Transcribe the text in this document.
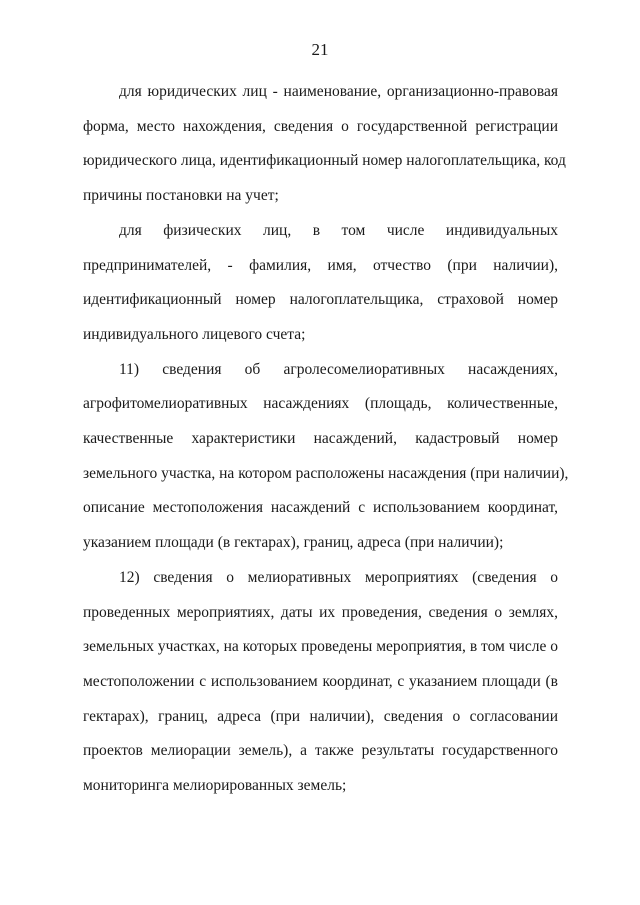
21
для юридических лиц - наименование, организационно-правовая
форма, место нахождения, сведения о государственной регистрации
юридического лица, идентификационный номер налогоплательщика, код
причины постановки на учет;
для физических лиц, в том числе индивидуальных
предпринимателей, - фамилия, имя, отчество (при наличии),
идентификационный номер налогоплательщика, страховой номер
индивидуального лицевого счета;
11) сведения об агролесомелиоративных насаждениях,
агрофитомелиоративных насаждениях (площадь, количественные,
качественные характеристики насаждений, кадастровый номер
земельного участка, на котором расположены насаждения (при наличии),
описание местоположения насаждений с использованием координат,
указанием площади (в гектарах), границ, адреса (при наличии);
12) сведения о мелиоративных мероприятиях (сведения о
проведенных мероприятиях, даты их проведения, сведения о землях,
земельных участках, на которых проведены мероприятия, в том числе о
местоположении с использованием координат, с указанием площади (в
гектарах), границ, адреса (при наличии), сведения о согласовании
проектов мелиорации земель), а также результаты государственного
мониторинга мелиорированных земель;
